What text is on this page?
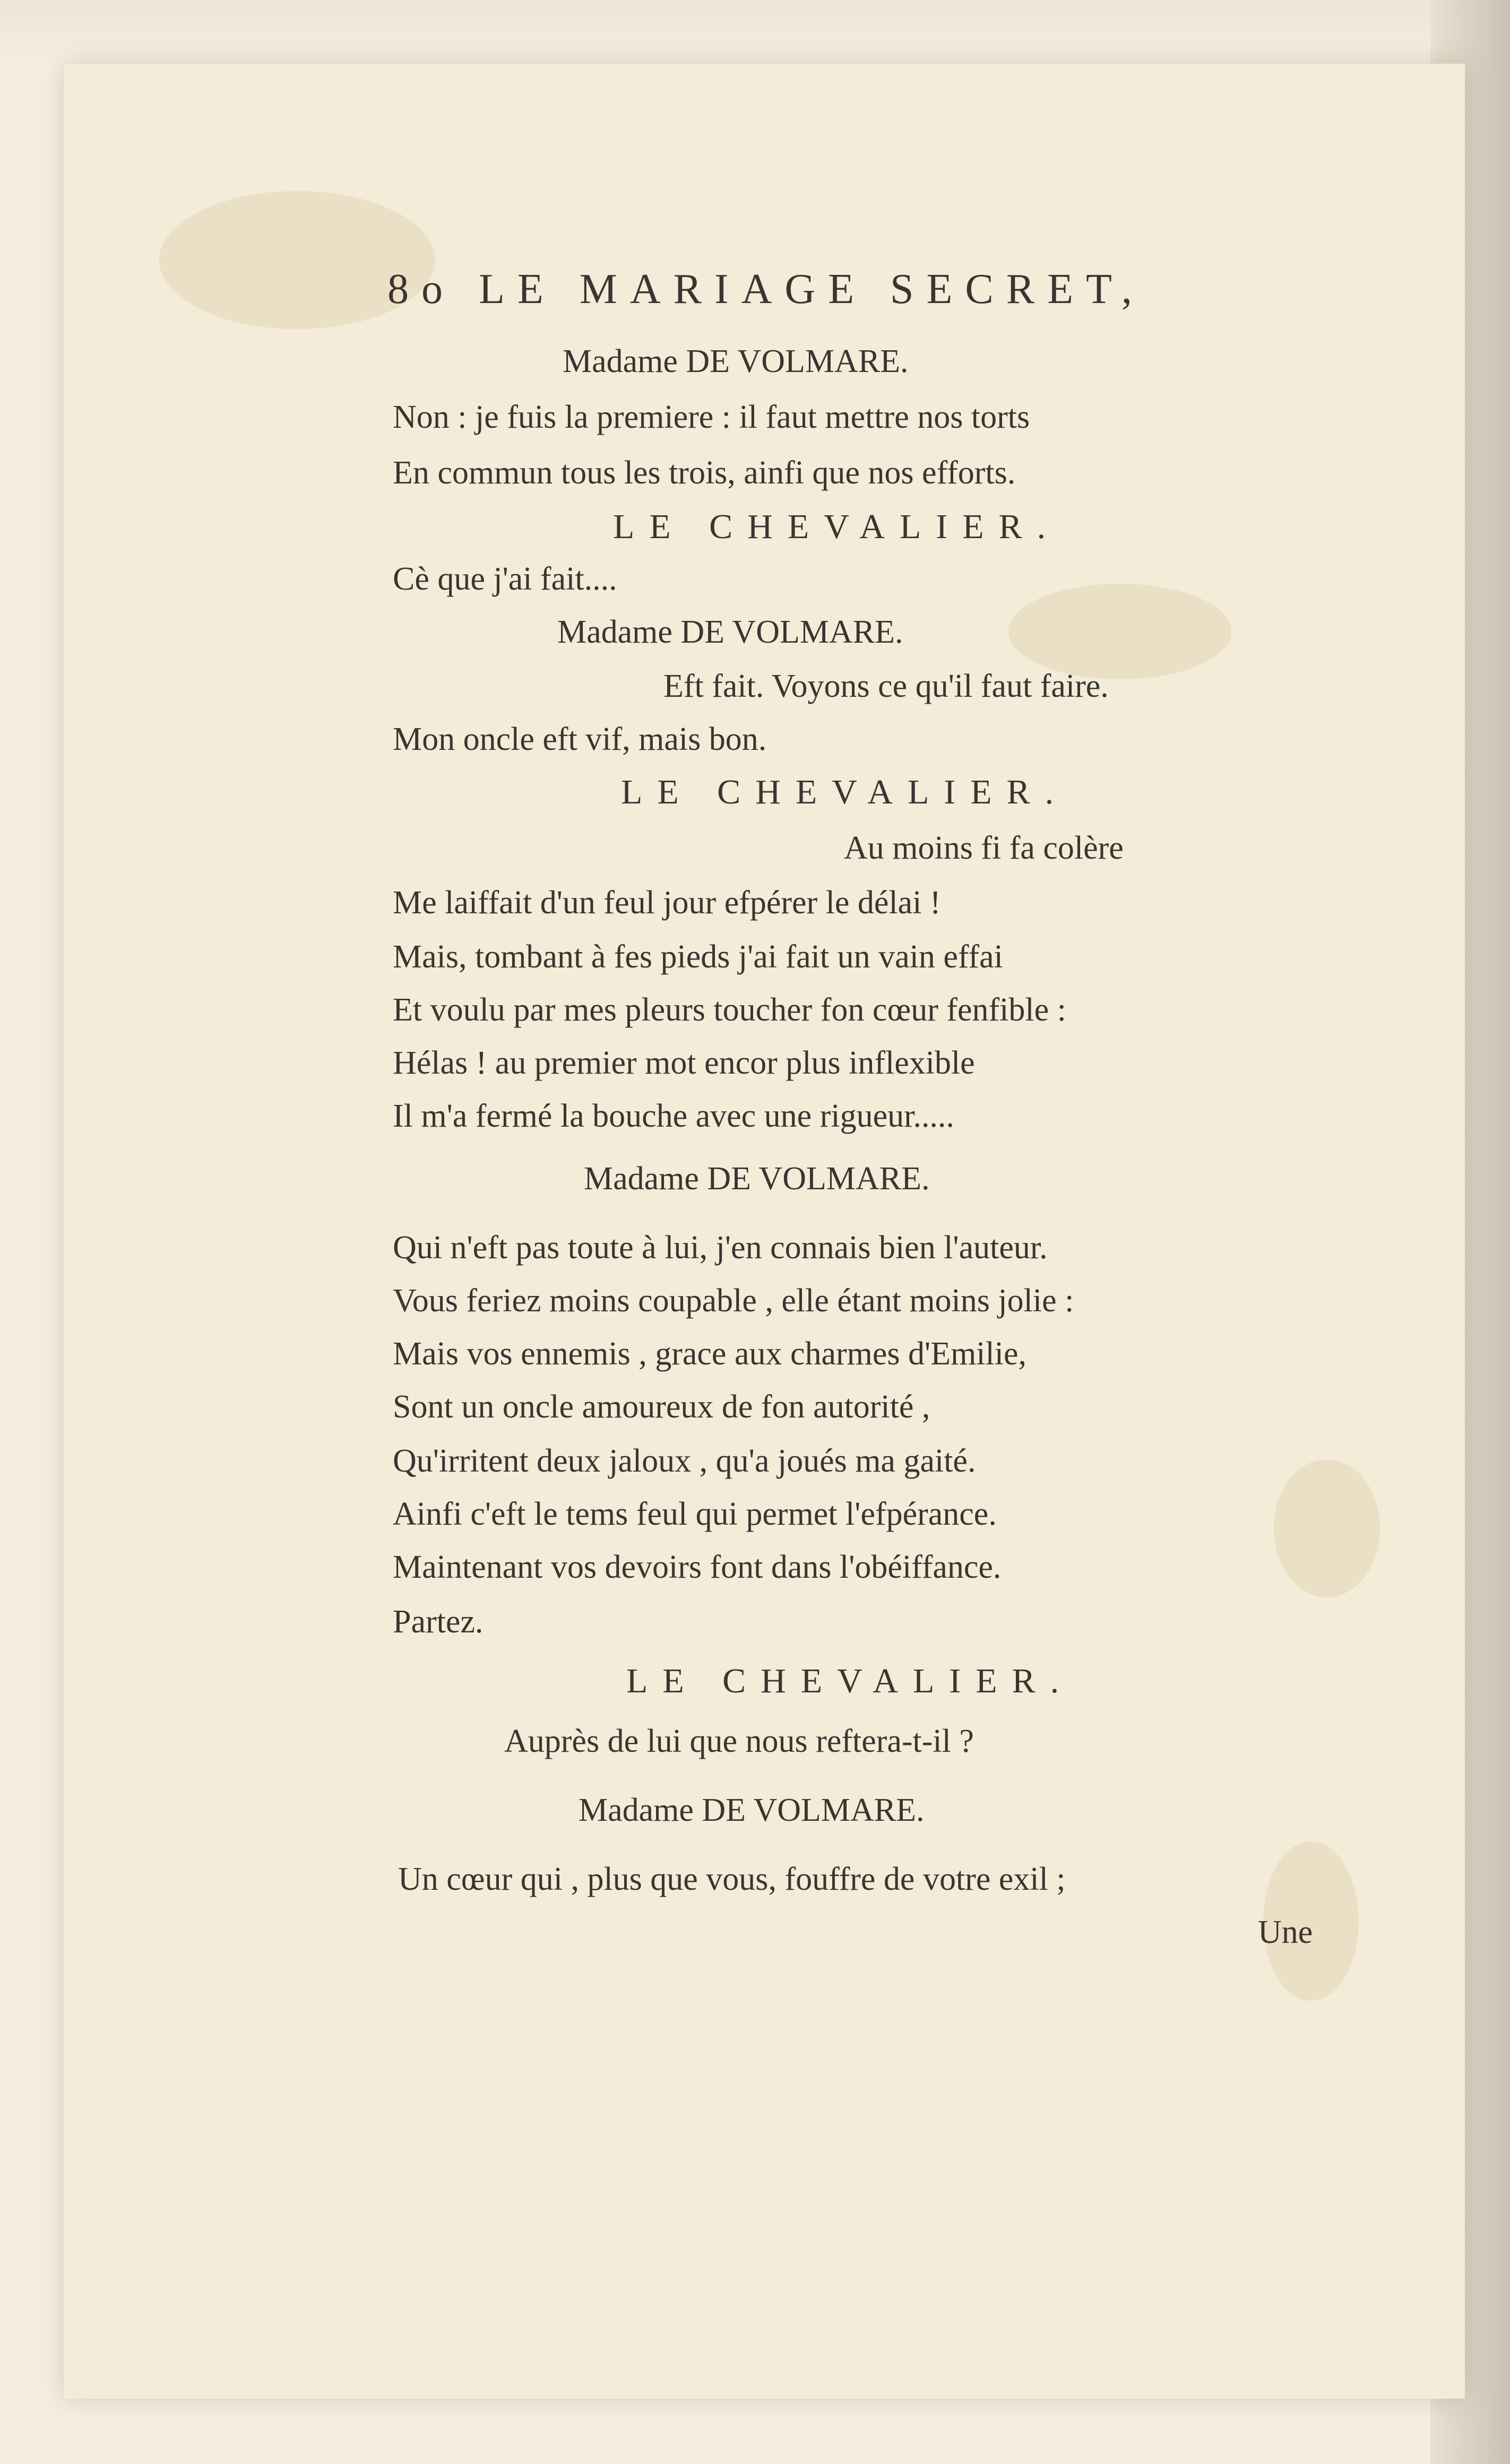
8o LE MARIAGE SECRET,
Madame DE VOLMARE.
Non : je fuis la premiere : il faut mettre nos torts
En commun tous les trois, ainfi que nos efforts.
LE CHEVALIER.
Cè que j'ai fait....
Madame DE VOLMARE.
Eft fait. Voyons ce qu'il faut faire.
Mon oncle eft vif, mais bon.
LE CHEVALIER.
Au moins fi fa colère
Me laiffait d'un feul jour efpérer le délai !
Mais, tombant à fes pieds j'ai fait un vain effai
Et voulu par mes pleurs toucher fon cœur fenfible :
Hélas ! au premier mot encor plus inflexible
Il m'a fermé la bouche avec une rigueur.....
Madame DE VOLMARE.
Qui n'eft pas toute à lui, j'en connais bien l'auteur.
Vous feriez moins coupable , elle étant moins jolie :
Mais vos ennemis , grace aux charmes d'Emilie,
Sont un oncle amoureux de fon autorité ,
Qu'irritent deux jaloux , qu'a joués ma gaité.
Ainfi c'eft le tems feul qui permet l'efpérance.
Maintenant vos devoirs font dans l'obéiffance.
Partez.
LE CHEVALIER.
Auprès de lui que nous reftera-t-il ?
Madame DE VOLMARE.
Un cœur qui , plus que vous, fouffre de votre exil ;
Une
